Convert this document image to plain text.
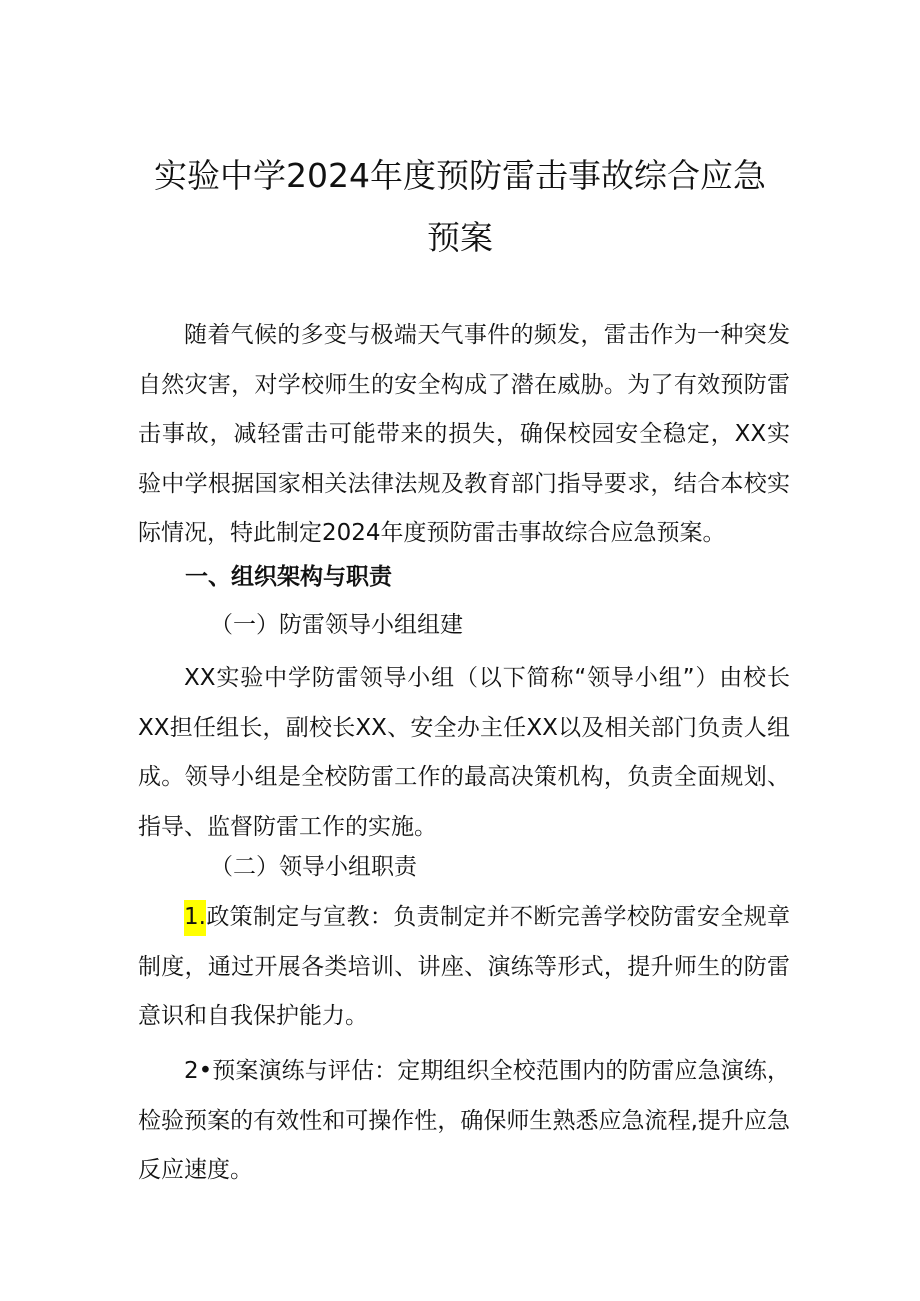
实验中学2024年度预防雷击事故综合应急
预案

随着气候的多变与极端天气事件的频发，雷击作为一种突发自然灾害，对学校师生的安全构成了潜在威胁。为了有效预防雷击事故，减轻雷击可能带来的损失，确保校园安全稳定，XX实验中学根据国家相关法律法规及教育部门指导要求，结合本校实际情况，特此制定2024年度预防雷击事故综合应急预案。

一、组织架构与职责
（一）防雷领导小组组建

XX实验中学防雷领导小组（以下简称“领导小组”）由校长XX担任组长，副校长XX、安全办主任XX以及相关部门负责人组成。领导小组是全校防雷工作的最高决策机构，负责全面规划、指导、监督防雷工作的实施。

（二）领导小组职责

1.政策制定与宣教：负责制定并不断完善学校防雷安全规章制度，通过开展各类培训、讲座、演练等形式，提升师生的防雷意识和自我保护能力。

2•预案演练与评估：定期组织全校范围内的防雷应急演练，检验预案的有效性和可操作性，确保师生熟悉应急流程,提升应急反应速度。
